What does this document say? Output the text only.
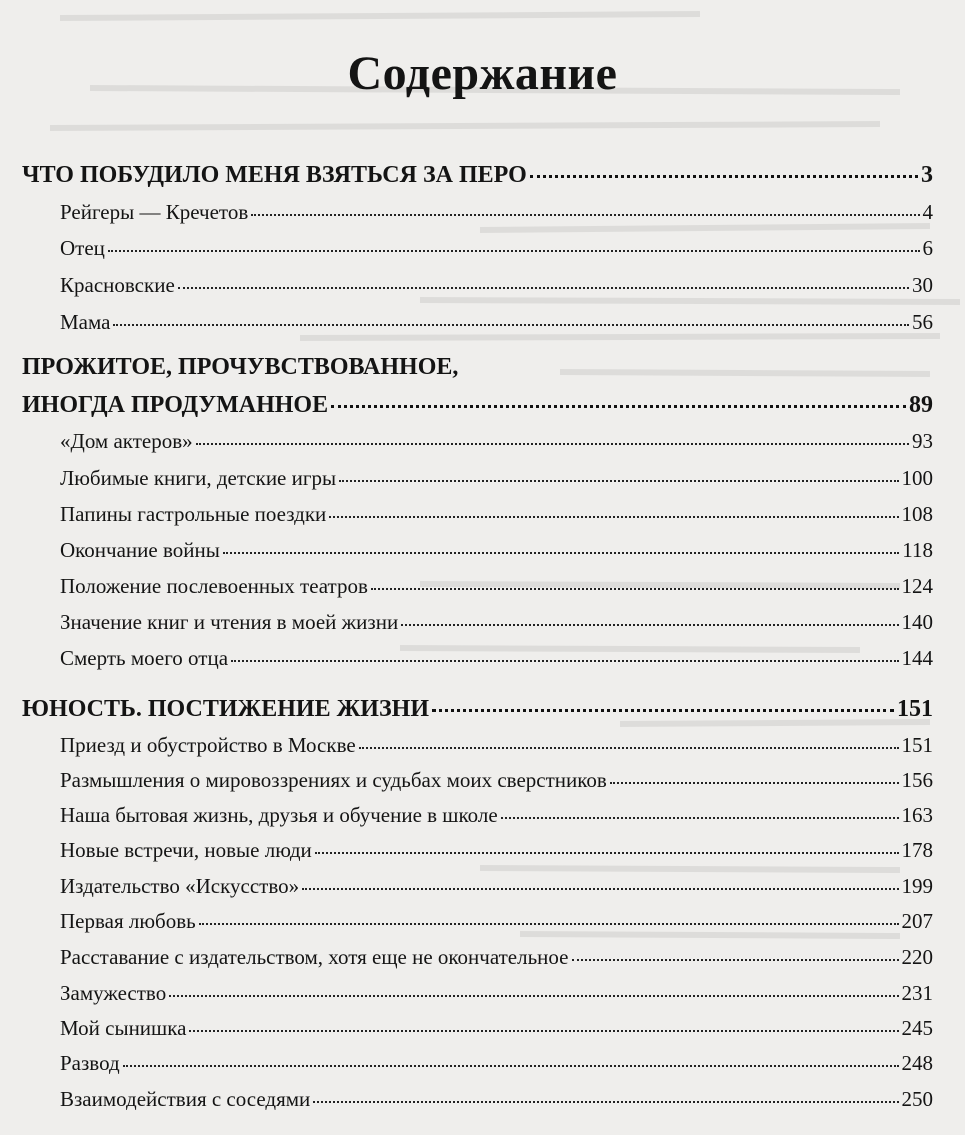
Содержание
ЧТО ПОБУДИЛО МЕНЯ ВЗЯТЬСЯ ЗА ПЕРО	3
Рейгеры — Кречетов	4
Отец	6
Красновские	30
Мама	56
ПРОЖИТОЕ, ПРОЧУВСТВОВАННОЕ,
ИНОГДА ПРОДУМАННОЕ	89
«Дом актеров»	93
Любимые книги, детские игры	100
Папины гастрольные поездки	108
Окончание войны	118
Положение послевоенных театров	124
Значение книг и чтения в моей жизни	140
Смерть моего отца	144
ЮНОСТЬ. ПОСТИЖЕНИЕ ЖИЗНИ	151
Приезд и обустройство в Москве	151
Размышления о мировоззрениях и судьбах моих сверстников	156
Наша бытовая жизнь, друзья и обучение в школе	163
Новые встречи, новые люди	178
Издательство «Искусство»	199
Первая любовь	207
Расставание с издательством, хотя еще не окончательное	220
Замужество	231
Мой сынишка	245
Развод	248
Взаимодействия с соседями	250
